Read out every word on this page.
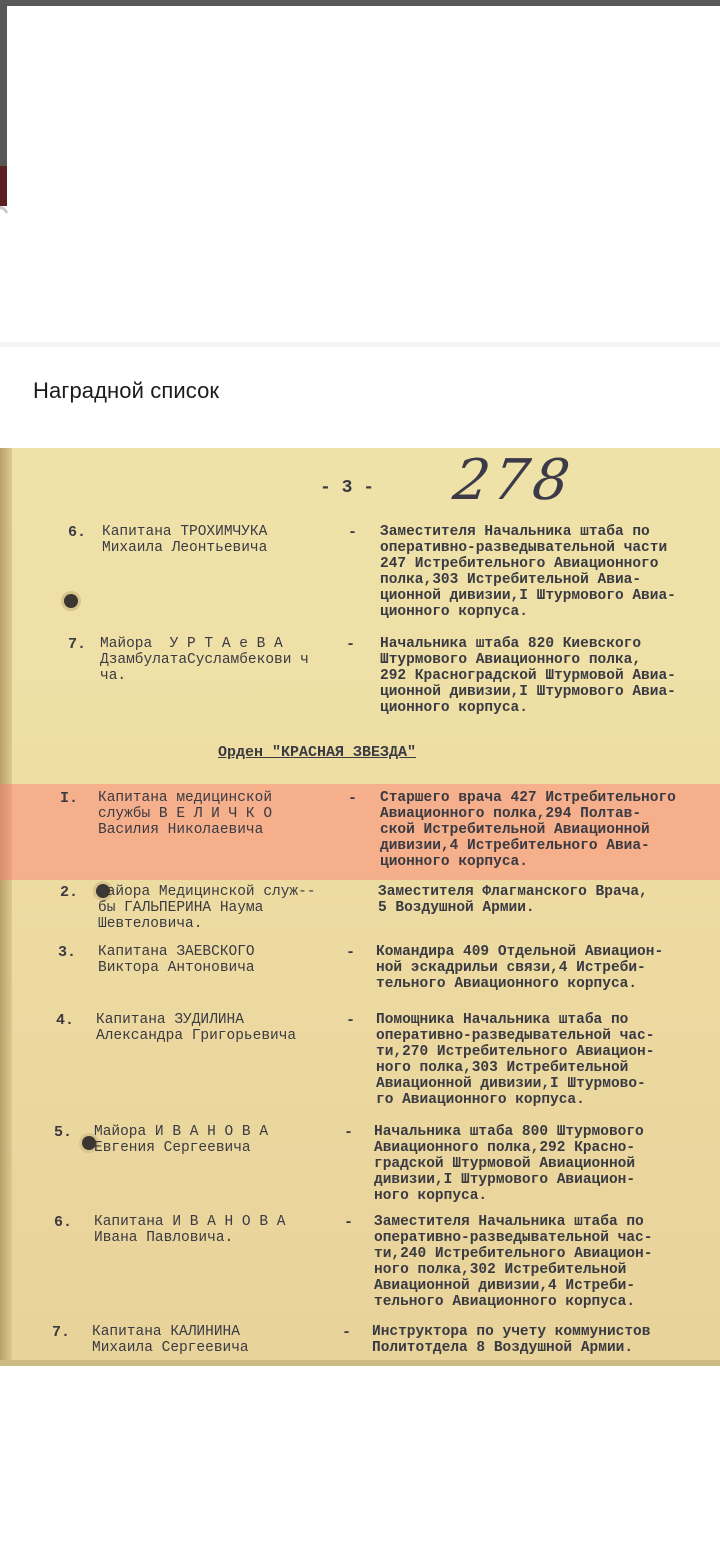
Наградной список
- 3 - 278
6. Капитана ТРОХИМЧУКА
Михаила Леонтьевича
- Заместителя Начальника штаба по
оперативно-разведывательной части
247 Истребительного Авиационного
полка,303 Истребительной Авиа-
ционной дивизии,I Штурмового Авиа-
ционного корпуса.
7. Майора  У Р Т А е В А
ДзамбулатаСусламбекови ч
ча.
- Начальника штаба 820 Киевского
Штурмового Авиационного полка,
292 Красноградской Штурмовой Авиа-
ционной дивизии,I Штурмового Авиа-
ционного корпуса.
Орден "КРАСНАЯ ЗВЕЗДА"
I. Капитана медицинской
службы В Е Л И Ч К О
Василия Николаевича
- Старшего врача 427 Истребительного
Авиационного полка,294 Полтав-
ской Истребительной Авиационной
дивизии,4 Истребительного Авиа-
ционного корпуса.
2. Майора Медицинской служ--
бы ГАЛЬПЕРИНА Наума
Шевтеловича.
Заместителя Флагманского Врача,
5 Воздушной Армии.
3. Капитана ЗАЕВСКОГО
Виктора Антоновича
- Командира 409 Отдельной Авиацион-
ной эскадрильи связи,4 Истреби-
тельного Авиационного корпуса.
4. Капитана ЗУДИЛИНА
Александра Григорьевича
- Помощника Начальника штаба по
оперативно-разведывательной час-
ти,270 Истребительного Авиацион-
ного полка,303 Истребительной
Авиационной дивизии,I Штурмово-
го Авиационного корпуса.
5. Майора И В А Н О В А
Евгения Сергеевича
- Начальника штаба 800 Штурмового
Авиационного полка,292 Красно-
градской Штурмовой Авиационной
дивизии,I Штурмового Авиацион-
ного корпуса.
6. Капитана И В А Н О В А
Ивана Павловича.
- Заместителя Начальника штаба по
оперативно-разведывательной час-
ти,240 Истребительного Авиацион-
ного полка,302 Истребительной
Авиационной дивизии,4 Истреби-
тельного Авиационного корпуса.
7. Капитана КАЛИНИНА
Михаила Сергеевича
- Инструктора по учету коммунистов
Политотдела 8 Воздушной Армии.
